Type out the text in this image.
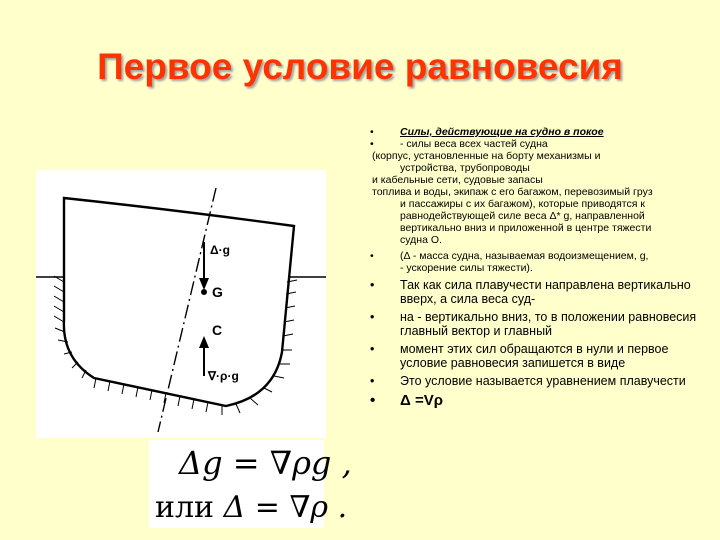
Первое условие равновесия
Δ·g
G
C
∇·ρ·g
Δg = ∇ρg ,
или Δ = ∇ρ .
•	Силы, действующие на судно в покое
•	- силы веса всех частей судна
(корпус, установленные на борту механизмы и
устройства, трубопроводы
и кабельные сети, судовые запасы
топлива и воды, экипаж с его багажом, перевозимый груз
и пассажиры с их багажом), которые приводятся к
равнодействующей силе веса Δ* g, направленной
вертикально вниз и приложенной в центре тяжести
судна О.
•	(Δ - масса судна, называемая водоизмещением, g,
- ускорение силы тяжести).
• Так как сила плавучести направлена вертикально вверх, а сила веса суд-
• на - вертикально вниз, то в положении равновесия главный вектор и главный
• момент этих сил обращаются в нули и первое условие равновесия запишется в виде
• Это условие называется уравнением плавучести
• Δ =Vρ
